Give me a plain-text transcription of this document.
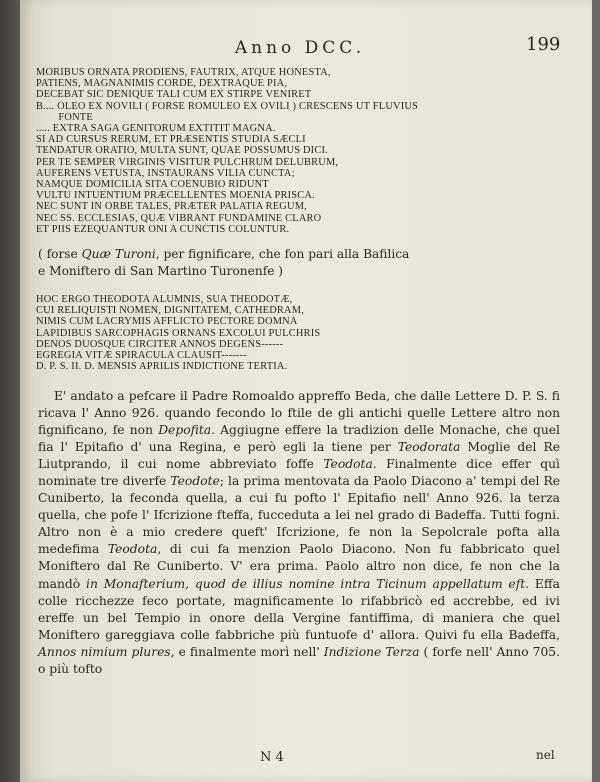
Anno DCC.	199
MORIBUS ORNATA PRODIENS, FAUTRIX, ATQUE HONESTA,
PATIENS, MAGNANIMIS CORDE, DEXTRAQUE PIA,
DECEBAT SIC DENIQUE TALI CUM EX STIRPE VENIRET
B.... OLEO EX NOVILI ( FORSE ROMULEO EX OVILI ) CRESCENS UT FLUVIUS
FONTE
..... EXTRA SAGA GENITORUM EXTITIT MAGNA.
SI AD CURSUS RERUM, ET PRÆSENTIS STUDIA SÆCLI
TENDATUR ORATIO, MULTA SUNT, QUAE POSSUMUS DICI.
PER TE SEMPER VIRGINIS VISITUR PULCHRUM DELUBRUM,
AUFERENS VETUSTA, INSTAURANS VILIA CUNCTA;
NAMQUE DOMICILIA SITA COENUBIO RIDUNT
VULTU INTUENTIUM PRÆCELLENTES MOENIA PRISCA.
NEC SUNT IN ORBE TALES, PRÆTER PALATIA REGUM,
NEC SS. ECCLESIAS, QUÆ VIBRANT FUNDAMINE CLARO
ET PIIS EZEQUANTUR ONI A CUNCTIS COLUNTUR.
( forse Quæ Turoni, per fignificare, che fon pari alla Bafilica
e Moniftero di San Martino Turonenfe )
HOC ERGO THEODOTA ALUMNIS, SUA THEODOTÆ,
CUI RELIQUISTI NOMEN, DIGNITATEM, CATHEDRAM,
NIMIS CUM LACRYMIS AFFLICTO PECTORE DOMNA
LAPIDIBUS SARCOPHAGIS ORNANS EXCOLUI PULCHRIS
DENOS DUOSQUE CIRCITER ANNOS DEGENS------
EGREGIA VITÆ SPIRACULA CLAUSIT-------
D. P. S. II. D. MENSIS APRILIS INDICTIONE TERTIA.

E' andato a pefcare il Padre Romoaldo appreffo Beda, che dalle Lettere D. P. S. fi ricava l' Anno 926. quando fecondo lo ftile de gli antichi quelle Lettere altro non fignificano, fe non Depofita. Aggiugne effere la tradizion delle Monache, che quel fia l' Epitafio d' una Regina, e però egli la tiene per Teodorata Moglie del Re Liutprando, il cui nome abbreviato foffe Teodota. Finalmente dice effer quì nominate tre diverfe Teodote; la prima mentovata da Paolo Diacono a' tempi del Re Cuniberto, la feconda quella, a cui fu pofto l' Epitafio nell' Anno 926. la terza quella, che pofe l' Ifcrizione fteffa, fucceduta a lei nel grado di Badeffa. Tutti fogni. Altro non è a mio credere queft' Ifcrizione, fe non la Sepolcrale pofta alla medefima Teodota, di cui fa menzion Paolo Diacono. Non fu fabbricato quel Moniftero dal Re Cuniberto. V' era prima. Paolo altro non dice, fe non che la mandò in Monafterium, quod de illius nomine intra Ticinum appellatum eft. Effa colle ricchezze feco portate, magnificamente lo rifabbricò ed accrebbe, ed ivi ereffe un bel Tempio in onore della Vergine fantiffima, di maniera che quel Moniftero gareggiava colle fabbriche più funtuofe d' allora. Quivi fu ella Badeffa, Annos nimium plures, e finalmente morì nell' Indizione Terza ( forfe nell' Anno 705. o più tofto

N 4	nel
